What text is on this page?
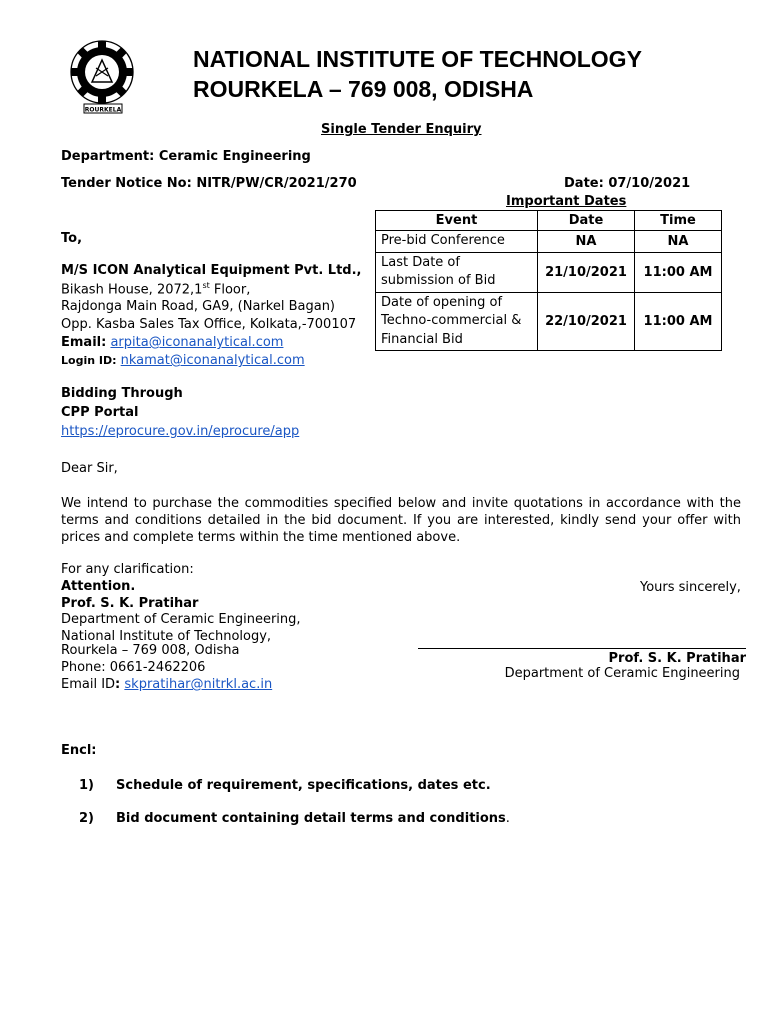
ROURKELA
NATIONAL INSTITUTE OF TECHNOLOGY
ROURKELA – 769 008, ODISHA
Single Tender Enquiry
Department: Ceramic Engineering
Tender Notice No: NITR/PW/CR/2021/270	Date: 07/10/2021
Important Dates
Event	Date	Time

Pre-bid Conference	NA	NA

Last Date of
submission of Bid	21/10/2021	11:00 AM

Date of opening of
Techno-commercial &
Financial Bid	22/10/2021	11:00 AM
To,
M/S ICON Analytical Equipment Pvt. Ltd.,
Bikash House, 2072,1st Floor,
Rajdonga Main Road, GA9, (Narkel Bagan)
Opp. Kasba Sales Tax Office, Kolkata,-700107
Email: arpita@iconanalytical.com
Login ID: nkamat@iconanalytical.com
Bidding Through
CPP Portal
https://eprocure.gov.in/eprocure/app
Dear Sir,
We intend to purchase the commodities specified below and invite quotations in accordance with the terms and conditions detailed in the bid document. If you are interested, kindly send your offer with prices and complete terms within the time mentioned above.
For any clarification:
Attention.
Prof. S. K. Pratihar
Department of Ceramic Engineering,
National Institute of Technology,
Rourkela – 769 008, Odisha
Phone: 0661-2462206
Email ID: skpratihar@nitrkl.ac.in
Yours sincerely,
Prof. S. K. Pratihar
Department of Ceramic Engineering
Encl:
1) Schedule of requirement, specifications, dates etc.
2) Bid document containing detail terms and conditions.
